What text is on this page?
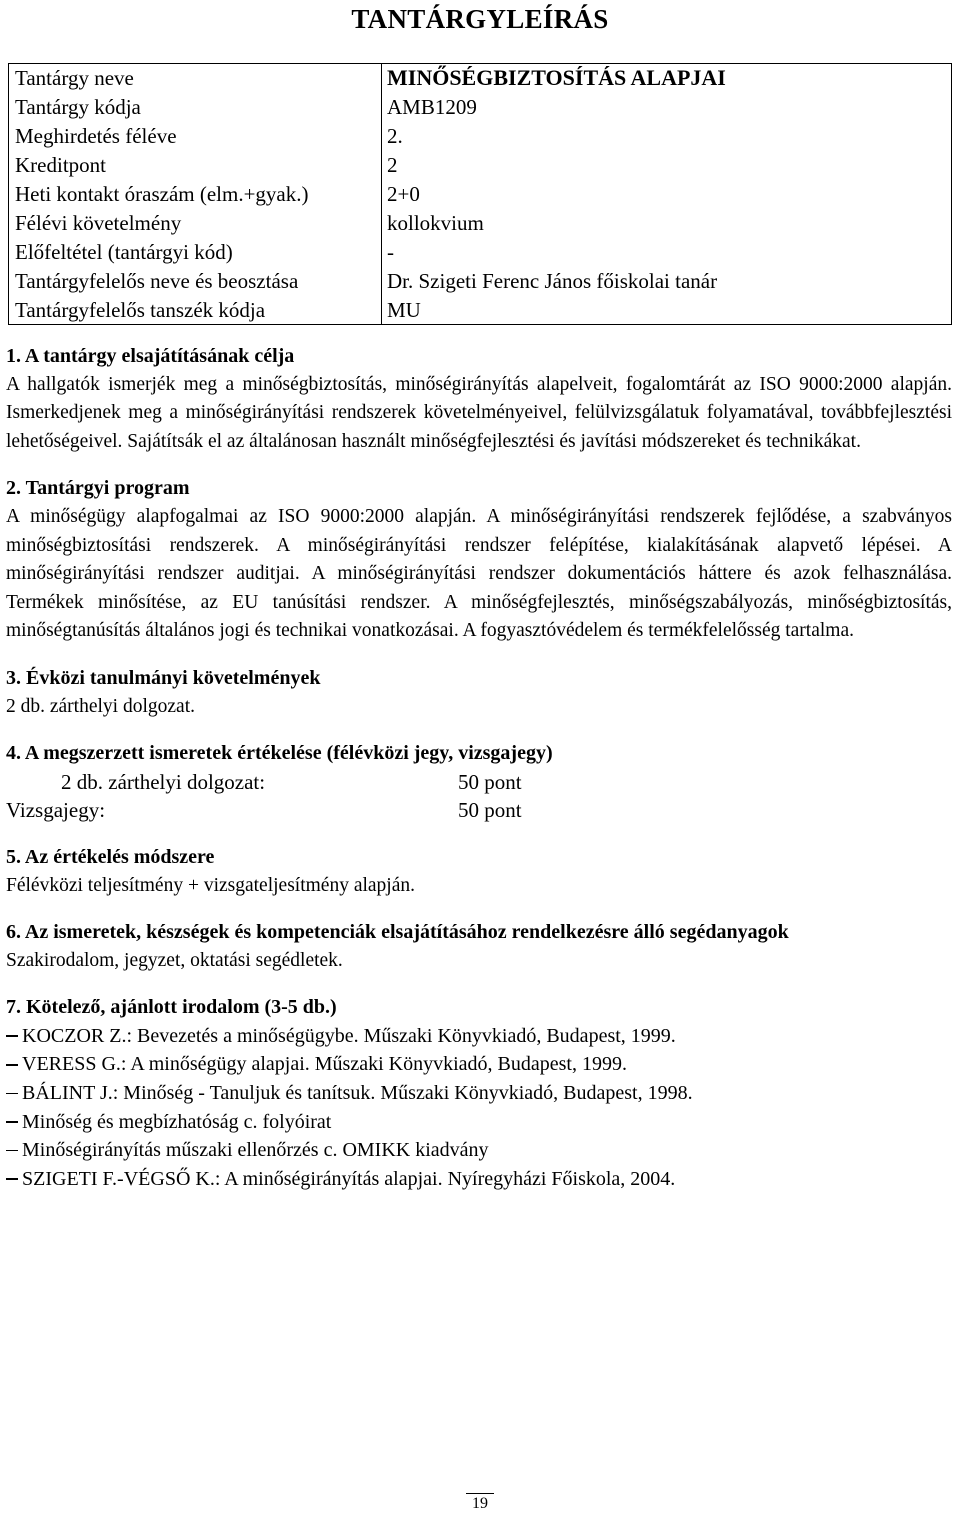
TANTÁRGYLEÍRÁS
Tantárgy neve	MINŐSÉGBIZTOSÍTÁS ALAPJAI
Tantárgy kódja	AMB1209
Meghirdetés féléve	2.
Kreditpont	2
Heti kontakt óraszám (elm.+gyak.)	2+0
Félévi követelmény	kollokvium
Előfeltétel (tantárgyi kód)	-
Tantárgyfelelős neve és beosztása	Dr. Szigeti Ferenc János főiskolai tanár
Tantárgyfelelős tanszék kódja	MU
1. A tantárgy elsajátításának célja

A hallgatók ismerjék meg a minőségbiztosítás, minőségirányítás alapelveit, fogalomtárát az ISO 9000:2000 alapján. Ismerkedjenek meg a minőségirányítási rendszerek követelményeivel, felülvizsgálatuk folyamatával, továbbfejlesztési lehetőségeivel. Sajátítsák el az általánosan használt minőségfejlesztési és javítási módszereket és technikákat.

2. Tantárgyi program

A minőségügy alapfogalmai az ISO 9000:2000 alapján. A minőségirányítási rendszerek fejlődése, a szabványos minőségbiztosítási rendszerek. A minőségirányítási rendszer felépítése, kialakításának alapvető lépései. A minőségirányítási rendszer auditjai. A minőségirányítási rendszer dokumentációs háttere és azok felhasználása. Termékek minősítése, az EU tanúsítási rendszer. A minőségfejlesztés, minőségszabályozás, minőségbiztosítás, minőségtanúsítás általános jogi és technikai vonatkozásai. A fogyasztóvédelem és termékfelelősség tartalma.

3. Évközi tanulmányi követelmények

2 db. zárthelyi dolgozat.

4. A megszerzett ismeretek értékelése (félévközi jegy, vizsgajegy)
2 db. zárthelyi dolgozat:	50 pont
Vizsgajegy:	50 pont
5. Az értékelés módszere

Félévközi teljesítmény + vizsgateljesítmény alapján.

6. Az ismeretek, készségek és kompetenciák elsajátításához rendelkezésre álló segédanyagok

Szakirodalom, jegyzet, oktatási segédletek.

7. Kötelező, ajánlott irodalom (3-5 db.)
KOCZOR Z.: Bevezetés a minőségügybe. Műszaki Könyvkiadó, Budapest, 1999.
VERESS G.: A minőségügy alapjai. Műszaki Könyvkiadó, Budapest, 1999.
BÁLINT J.: Minőség - Tanuljuk és tanítsuk. Műszaki Könyvkiadó, Budapest, 1998.
Minőség és megbízhatóság c. folyóirat
Minőségirányítás műszaki ellenőrzés c. OMIKK kiadvány
SZIGETI F.-VÉGSŐ K.: A minőségirányítás alapjai. Nyíregyházi Főiskola, 2004.
19
